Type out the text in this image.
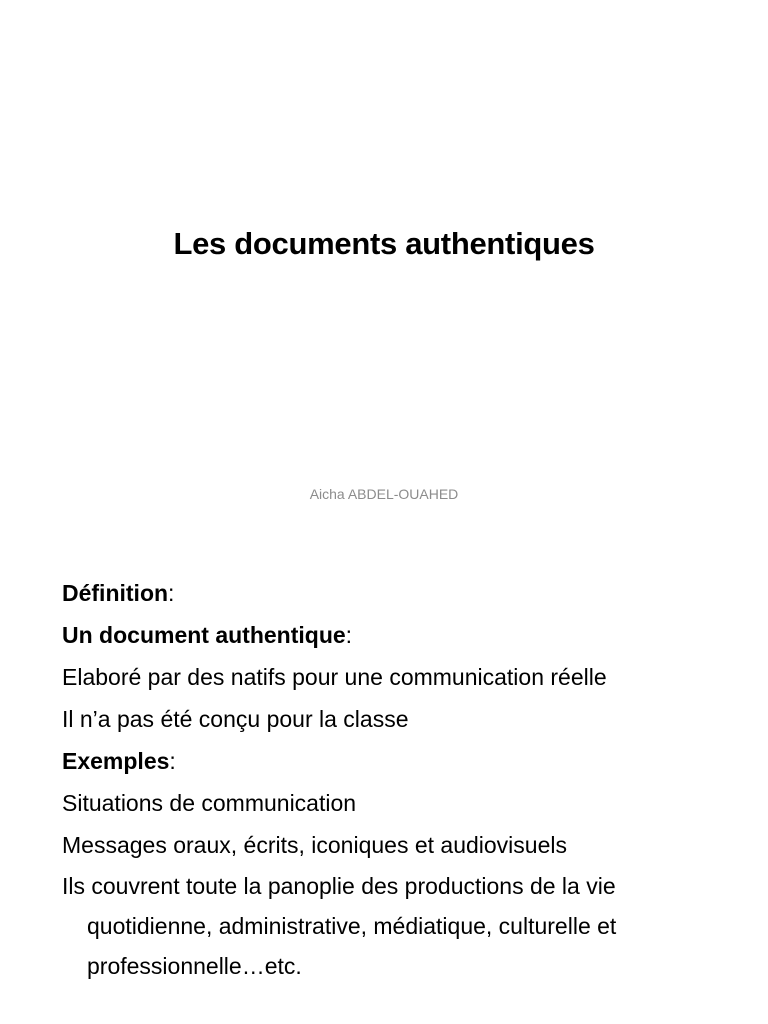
Les documents authentiques

Aicha ABDEL-OUAHED

Définition:
Un document authentique:
Elaboré par des natifs pour une communication réelle
Il n’a pas été conçu pour la classe
Exemples:
Situations de communication
Messages oraux, écrits, iconiques et audiovisuels
Ils couvrent toute la panoplie des productions de la vie quotidienne, administrative, médiatique, culturelle et professionnelle…etc.
